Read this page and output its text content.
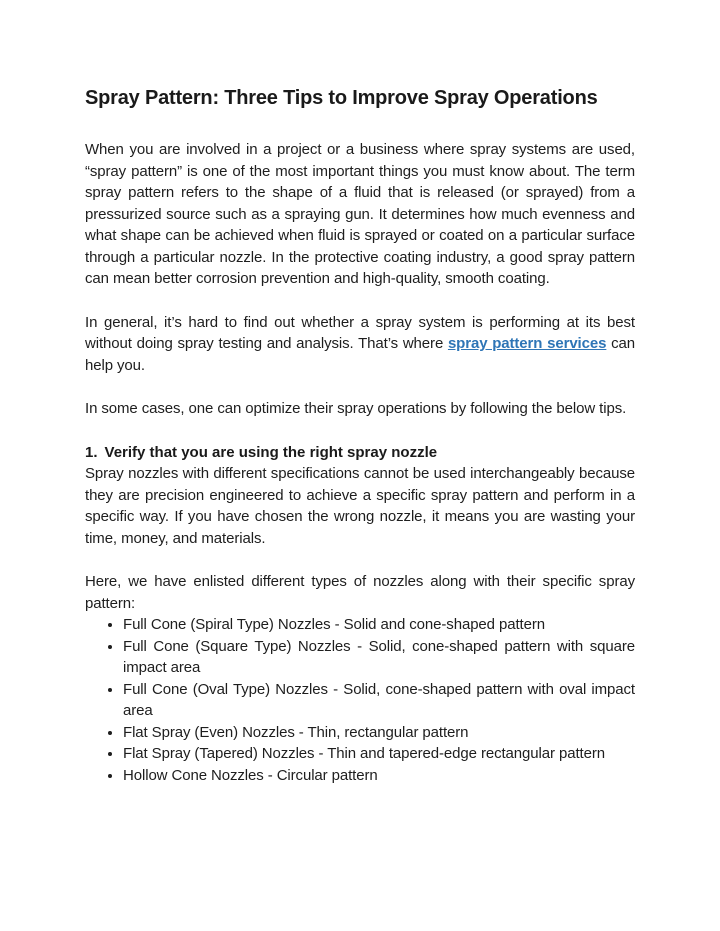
Spray Pattern: Three Tips to Improve Spray Operations

When you are involved in a project or a business where spray systems are used, “spray pattern” is one of the most important things you must know about. The term spray pattern refers to the shape of a fluid that is released (or sprayed) from a pressurized source such as a spraying gun. It determines how much evenness and what shape can be achieved when fluid is sprayed or coated on a particular surface through a particular nozzle. In the protective coating industry, a good spray pattern can mean better corrosion prevention and high-quality, smooth coating.

In general, it’s hard to find out whether a spray system is performing at its best without doing spray testing and analysis. That’s where spray pattern services can help you.

In some cases, one can optimize their spray operations by following the below tips.

1. Verify that you are using the right spray nozzle

Spray nozzles with different specifications cannot be used interchangeably because they are precision engineered to achieve a specific spray pattern and perform in a specific way. If you have chosen the wrong nozzle, it means you are wasting your time, money, and materials.

Here, we have enlisted different types of nozzles along with their specific spray pattern:

• Full Cone (Spiral Type) Nozzles - Solid and cone-shaped pattern
• Full Cone (Square Type) Nozzles - Solid, cone-shaped pattern with square impact area
• Full Cone (Oval Type) Nozzles - Solid, cone-shaped pattern with oval impact area
• Flat Spray (Even) Nozzles - Thin, rectangular pattern
• Flat Spray (Tapered) Nozzles - Thin and tapered-edge rectangular pattern
• Hollow Cone Nozzles - Circular pattern
